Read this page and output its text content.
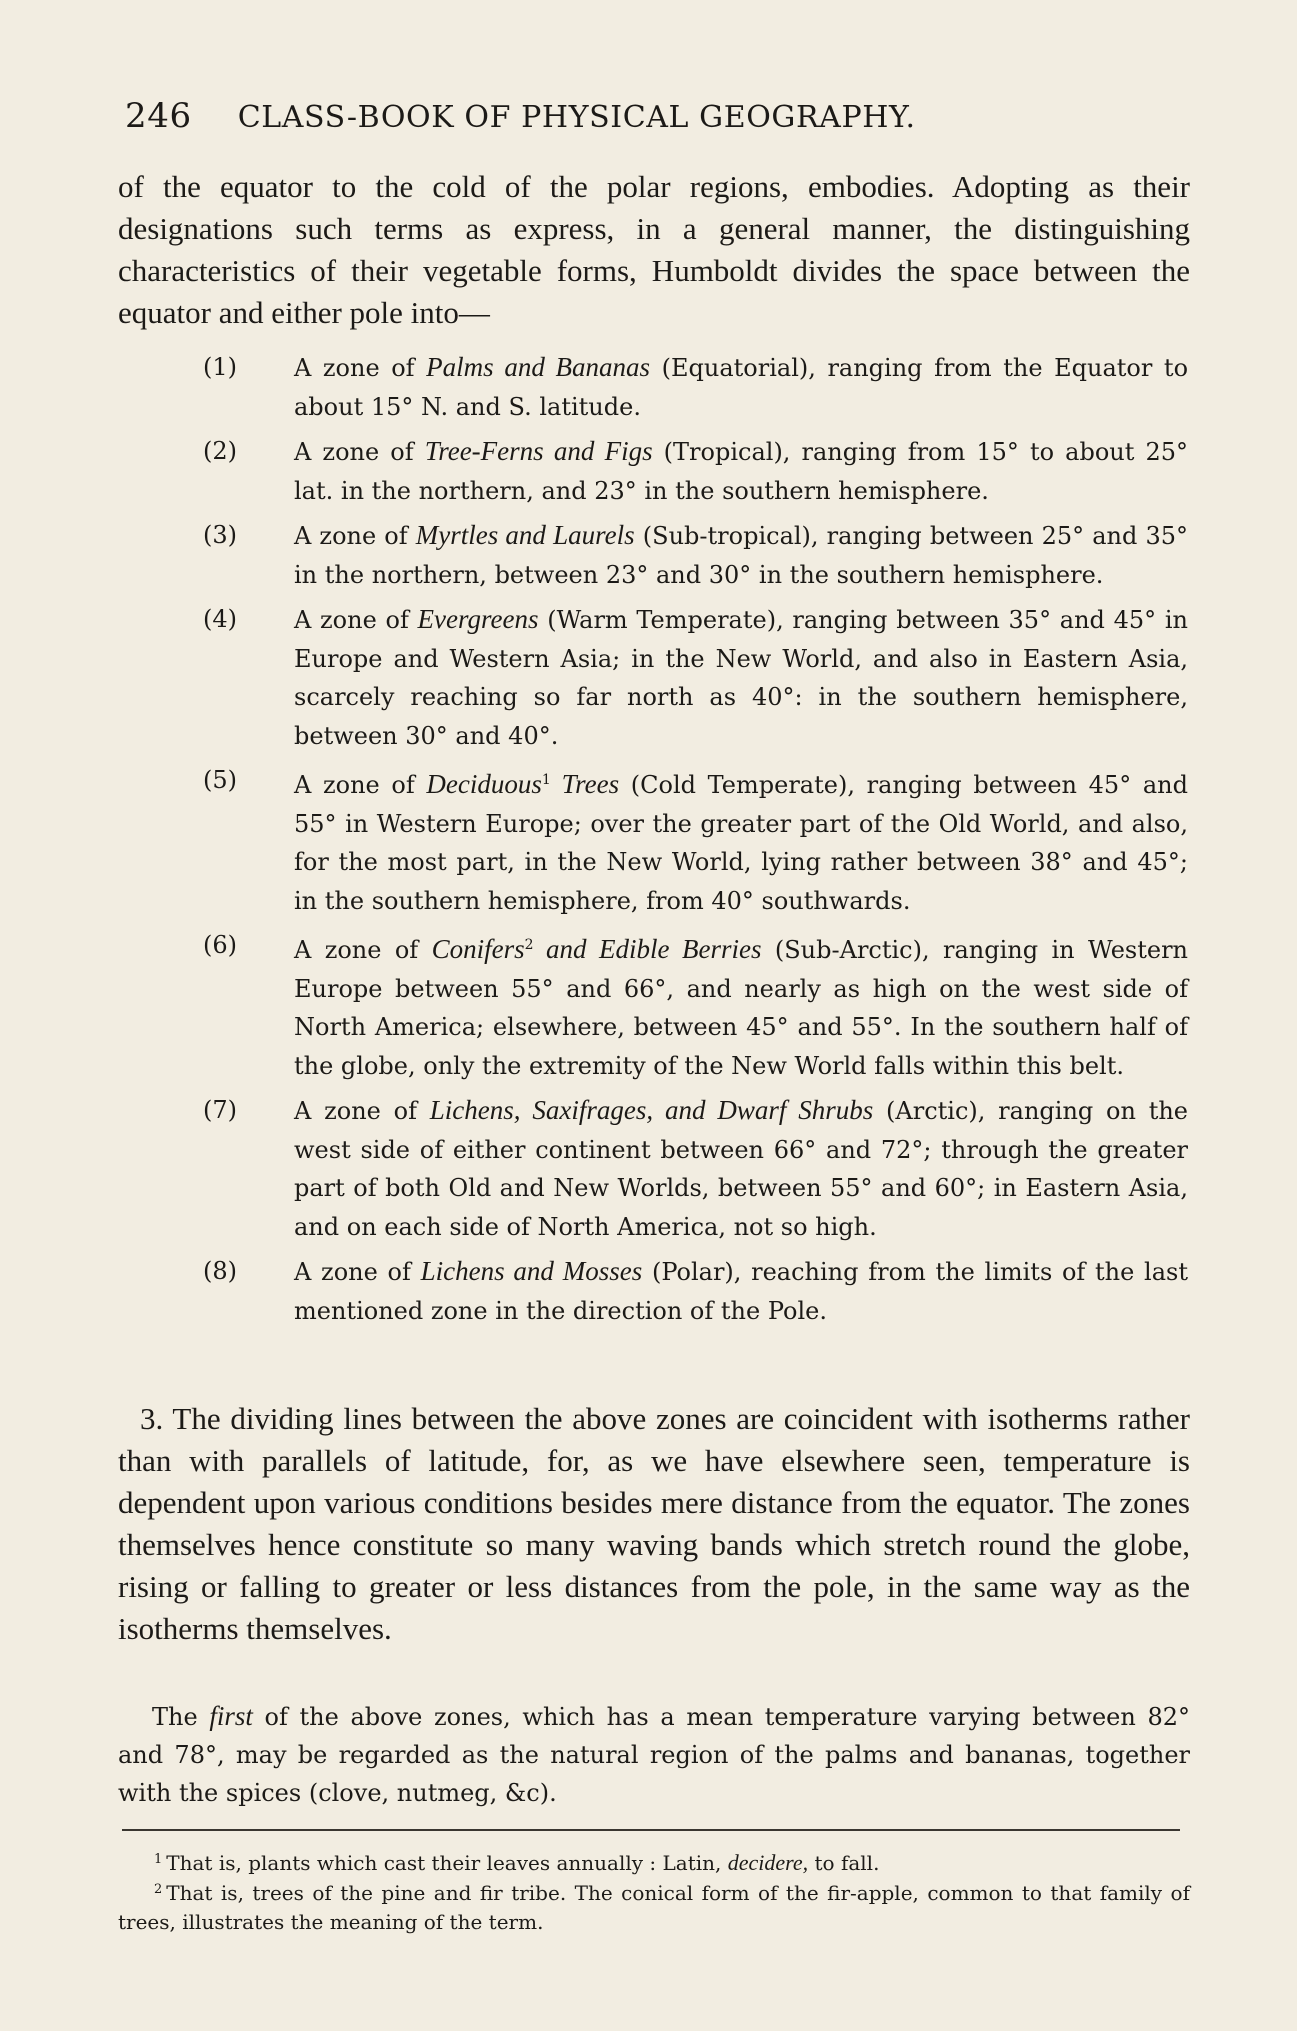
246 CLASS-BOOK OF PHYSICAL GEOGRAPHY.
of the equator to the cold of the polar regions, embodies. Adopting as their designations such terms as express, in a general manner, the distinguishing characteristics of their vegetable forms, Humboldt divides the space between the equator and either pole into—
(1) A zone of Palms and Bananas (Equatorial), ranging from the Equator to about 15° N. and S. latitude.
(2) A zone of Tree-Ferns and Figs (Tropical), ranging from 15° to about 25° lat. in the northern, and 23° in the southern hemisphere.
(3) A zone of Myrtles and Laurels (Sub-tropical), ranging between 25° and 35° in the northern, between 23° and 30° in the southern hemisphere.
(4) A zone of Evergreens (Warm Temperate), ranging between 35° and 45° in Europe and Western Asia; in the New World, and also in Eastern Asia, scarcely reaching so far north as 40°: in the southern hemisphere, between 30° and 40°.
(5) A zone of Deciduous$^1$ Trees (Cold Temperate), ranging between 45° and 55° in Western Europe; over the greater part of the Old World, and also, for the most part, in the New World, lying rather between 38° and 45°; in the southern hemisphere, from 40° southwards.
(6) A zone of Conifers$^2$ and Edible Berries (Sub-Arctic), ranging in Western Europe between 55° and 66°, and nearly as high on the west side of North America; elsewhere, between 45° and 55°. In the southern half of the globe, only the extremity of the New World falls within this belt.
(7) A zone of Lichens, Saxifrages, and Dwarf Shrubs (Arctic), ranging on the west side of either continent between 66° and 72°; through the greater part of both Old and New Worlds, between 55° and 60°; in Eastern Asia, and on each side of North America, not so high.
(8) A zone of Lichens and Mosses (Polar), reaching from the limits of the last mentioned zone in the direction of the Pole.
3. The dividing lines between the above zones are coincident with isotherms rather than with parallels of latitude, for, as we have elsewhere seen, temperature is dependent upon various conditions besides mere distance from the equator. The zones themselves hence constitute so many waving bands which stretch round the globe, rising or falling to greater or less distances from the pole, in the same way as the isotherms themselves.
The first of the above zones, which has a mean temperature varying between 82° and 78°, may be regarded as the natural region of the palms and bananas, together with the spices (clove, nutmeg, &c).
$^1$ That is, plants which cast their leaves annually : Latin, decidere, to fall.
$^2$ That is, trees of the pine and fir tribe. The conical form of the fir-apple, common to that family of trees, illustrates the meaning of the term.
